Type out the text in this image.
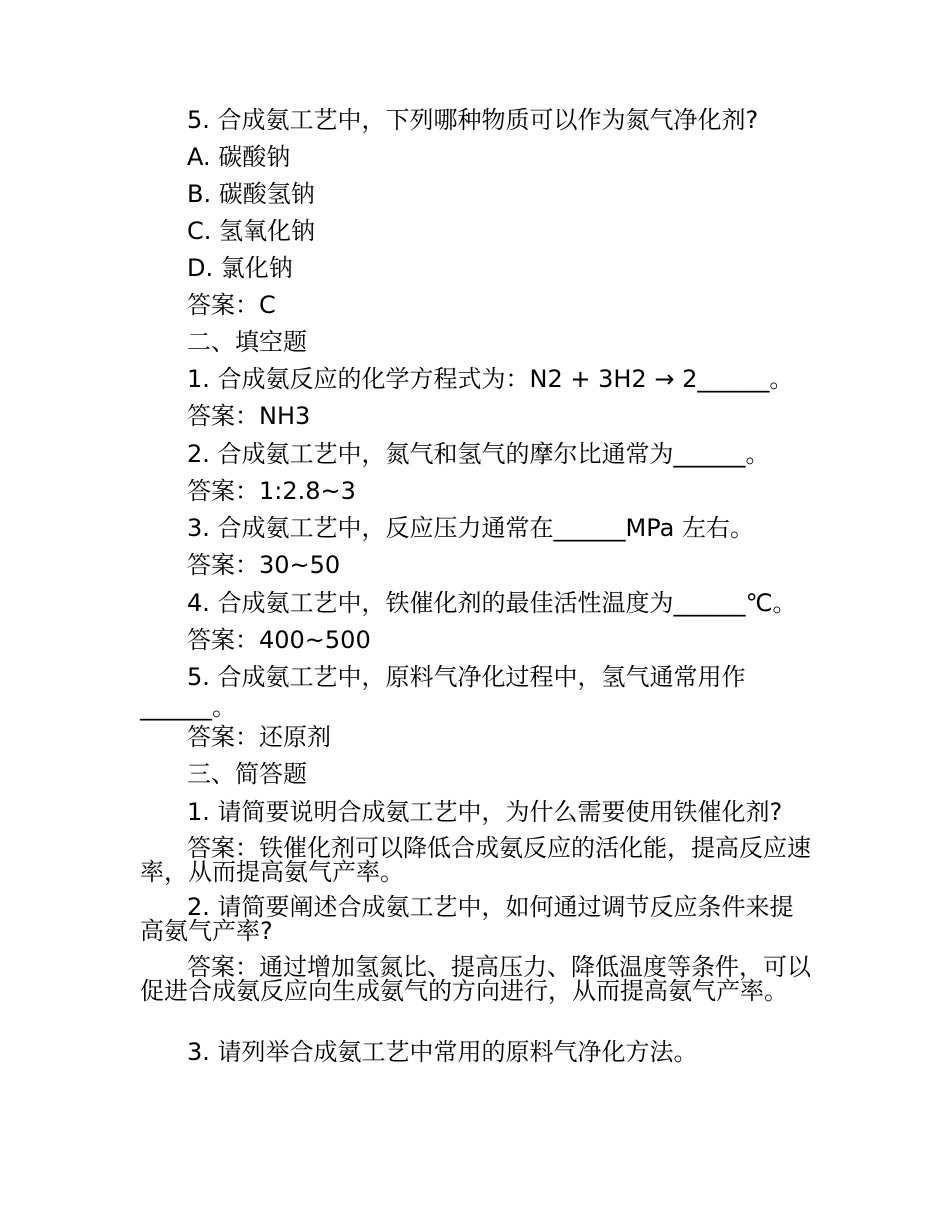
5. 合成氨工艺中，下列哪种物质可以作为氮气净化剂?
A. 碳酸钠
B. 碳酸氢钠
C. 氢氧化钠
D. 氯化钠
答案：C
二、填空题
1. 合成氨反应的化学方程式为：N2 + 3H2 → 2______。
答案：NH3
2. 合成氨工艺中，氮气和氢气的摩尔比通常为______。
答案：1:2.8~3
3. 合成氨工艺中，反应压力通常在______MPa 左右。
答案：30~50
4. 合成氨工艺中，铁催化剂的最佳活性温度为______℃。
答案：400~500
5. 合成氨工艺中，原料气净化过程中，氢气通常用作______。
答案：还原剂
三、简答题
1. 请简要说明合成氨工艺中，为什么需要使用铁催化剂?
答案：铁催化剂可以降低合成氨反应的活化能，提高反应速率，从而提高氨气产率。
2. 请简要阐述合成氨工艺中，如何通过调节反应条件来提高氨气产率?
答案：通过增加氢氮比、提高压力、降低温度等条件，可以促进合成氨反应向生成氨气的方向进行，从而提高氨气产率。
3. 请列举合成氨工艺中常用的原料气净化方法。
